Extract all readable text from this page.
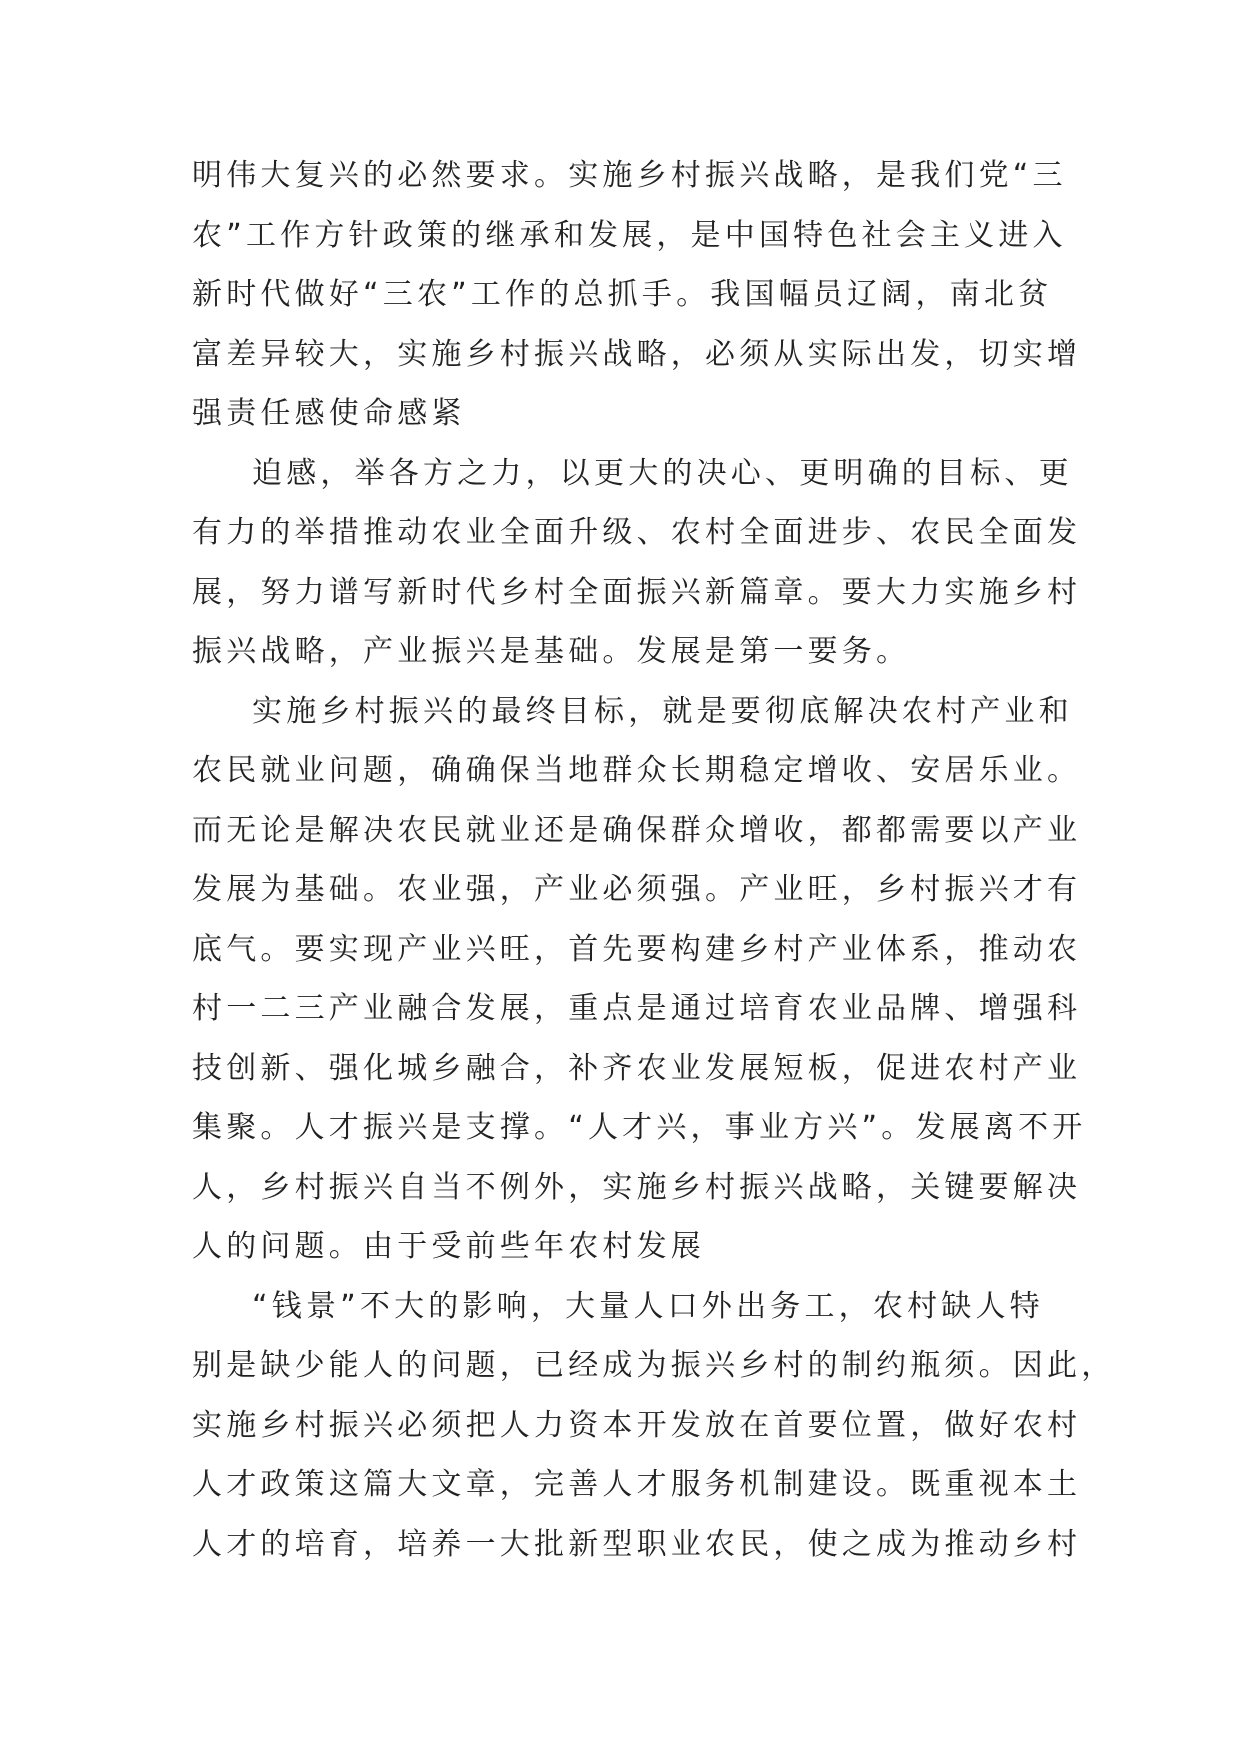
明伟大复兴的必然要求。实施乡村振兴战略，是我们党“三
农”工作方针政策的继承和发展，是中国特色社会主义进入
新时代做好“三农”工作的总抓手。我国幅员辽阔，南北贫
富差异较大，实施乡村振兴战略，必须从实际出发，切实增
强责任感使命感紧
迫感，举各方之力，以更大的决心、更明确的目标、更
有力的举措推动农业全面升级、农村全面进步、农民全面发
展，努力谱写新时代乡村全面振兴新篇章。要大力实施乡村
振兴战略，产业振兴是基础。发展是第一要务。
实施乡村振兴的最终目标，就是要彻底解决农村产业和
农民就业问题，确确保当地群众长期稳定增收、安居乐业。
而无论是解决农民就业还是确保群众增收，都都需要以产业
发展为基础。农业强，产业必须强。产业旺，乡村振兴才有
底气。要实现产业兴旺，首先要构建乡村产业体系，推动农
村一二三产业融合发展，重点是通过培育农业品牌、增强科
技创新、强化城乡融合，补齐农业发展短板，促进农村产业
集聚。人才振兴是支撑。“人才兴，事业方兴”。发展离不开
人，乡村振兴自当不例外，实施乡村振兴战略，关键要解决
人的问题。由于受前些年农村发展
“钱景”不大的影响，大量人口外出务工，农村缺人特
别是缺少能人的问题，已经成为振兴乡村的制约瓶须。因此，
实施乡村振兴必须把人力资本开发放在首要位置，做好农村
人才政策这篇大文章，完善人才服务机制建设。既重视本土
人才的培育，培养一大批新型职业农民，使之成为推动乡村
